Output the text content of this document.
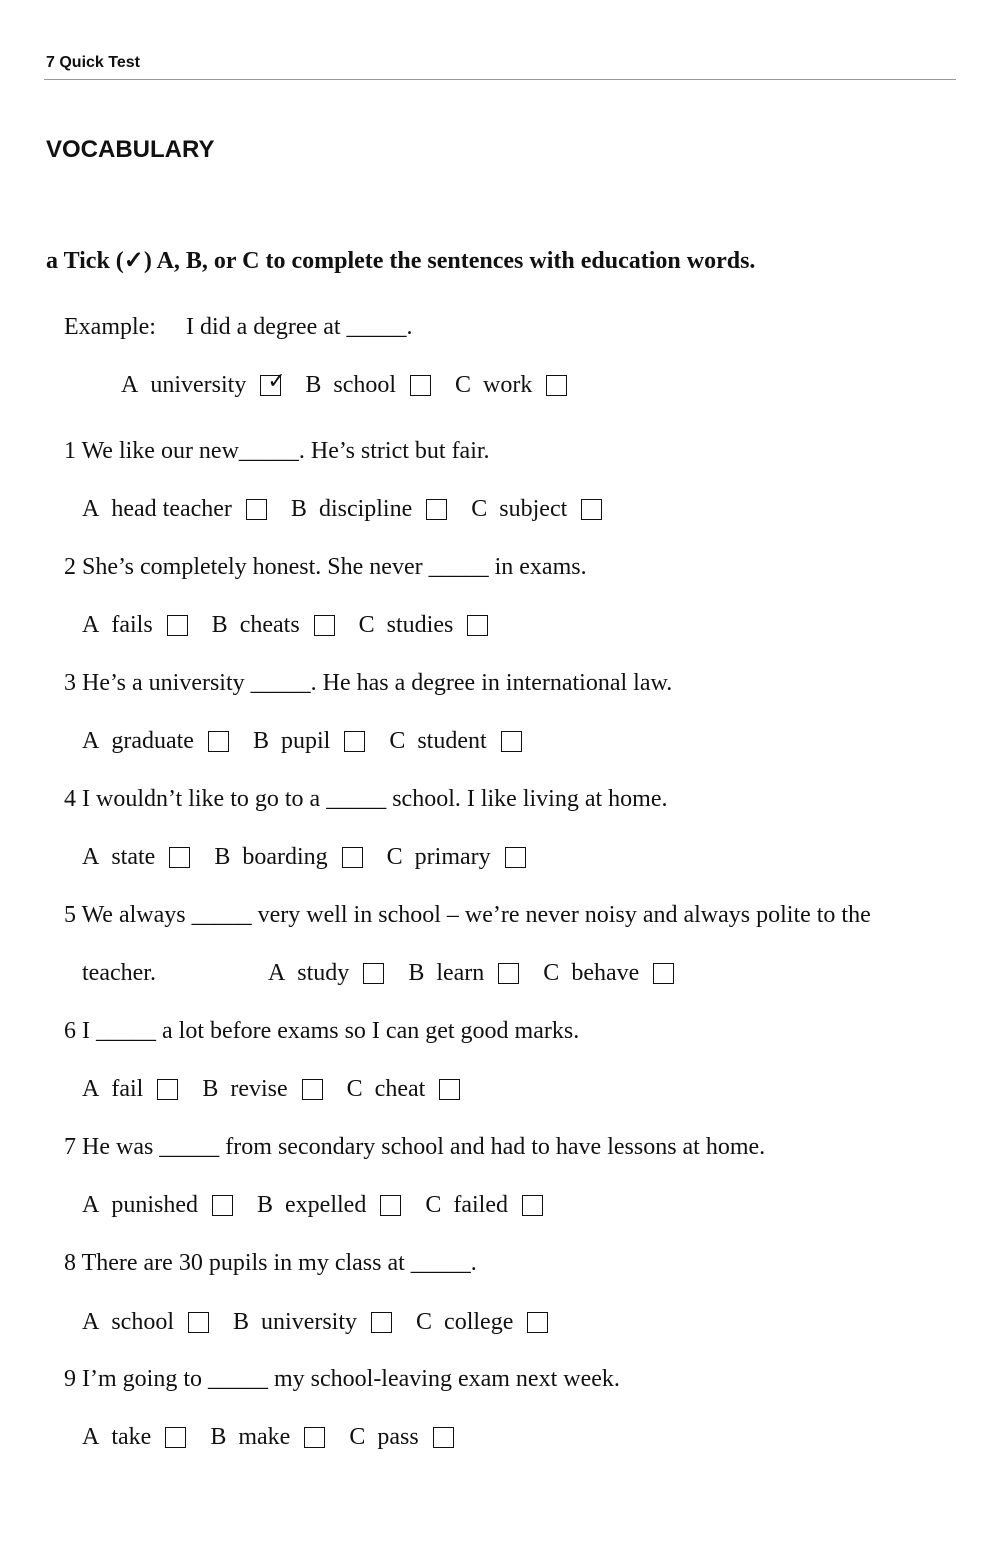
7 Quick Test
VOCABULARY
a Tick (✓) A, B, or C to complete the sentences with education words.
Example: I did a degree at _____.
A university ✓ B school C work
1 We like our new_____. He’s strict but fair.
A head teacher B discipline C subject
2 She’s completely honest. She never _____ in exams.
A fails B cheats C studies
3 He’s a university _____. He has a degree in international law.
A graduate B pupil C student
4 I wouldn’t like to go to a _____ school. I like living at home.
A state B boarding C primary
5 We always _____ very well in school – we’re never noisy and always polite to the
teacher.	A study B learn C behave
6 I _____ a lot before exams so I can get good marks.
A fail B revise C cheat
7 He was _____ from secondary school and had to have lessons at home.
A punished B expelled C failed
8 There are 30 pupils in my class at _____.
A school B university C college
9 I’m going to _____ my school-leaving exam next week.
A take B make C pass
